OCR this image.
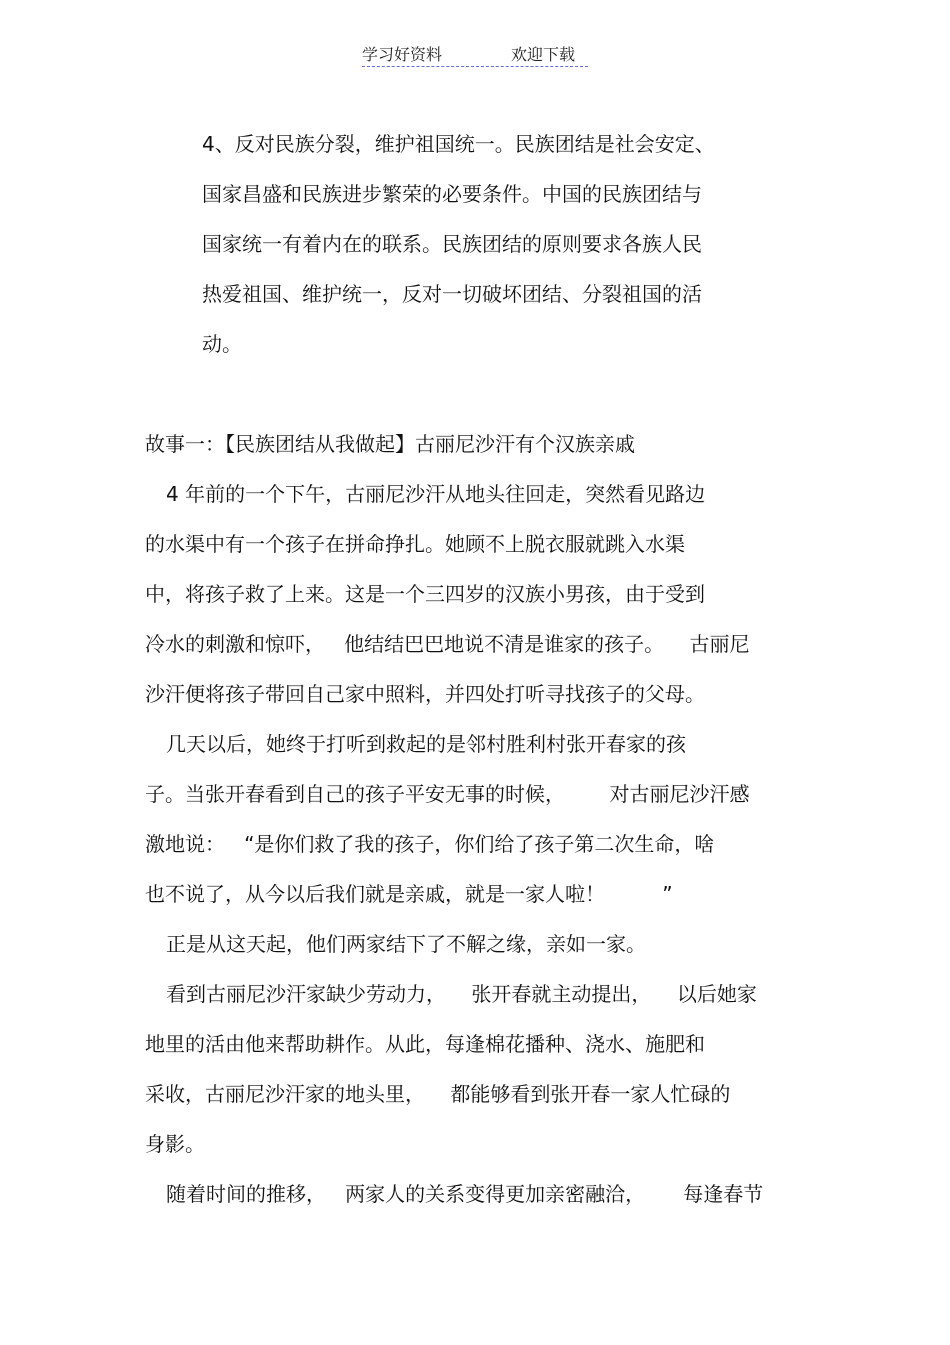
学习好资料	欢迎下载
4、反对民族分裂，维护祖国统一。民族团结是社会安定、
国家昌盛和民族进步繁荣的必要条件。中国的民族团结与
国家统一有着内在的联系。民族团结的原则要求各族人民
热爱祖国、维护统一，反对一切破坏团结、分裂祖国的活
动。
故事一：【民族团结从我做起】古丽尼沙汗有个汉族亲戚
4 年前的一个下午，古丽尼沙汗从地头往回走，突然看见路边
的水渠中有一个孩子在拼命挣扎。她顾不上脱衣服就跳入水渠
中，将孩子救了上来。这是一个三四岁的汉族小男孩，由于受到
冷水的刺激和惊吓，   他结结巴巴地说不清是谁家的孩子。    古丽尼
沙汗便将孩子带回自己家中照料，并四处打听寻找孩子的父母。
几天以后，她终于打听到救起的是邻村胜利村张开春家的孩
子。当张开春看到自己的孩子平安无事的时候，       对古丽尼沙汗感
激地说：   “是你们救了我的孩子，你们给了孩子第二次生命，啥
也不说了，从今以后我们就是亲戚，就是一家人啦！         ”
正是从这天起，他们两家结下了不解之缘，亲如一家。
看到古丽尼沙汗家缺少劳动力，    张开春就主动提出，    以后她家
地里的活由他来帮助耕作。从此，每逢棉花播种、浇水、施肥和
采收，古丽尼沙汗家的地头里，    都能够看到张开春一家人忙碌的
身影。
随着时间的推移，   两家人的关系变得更加亲密融洽，      每逢春节
